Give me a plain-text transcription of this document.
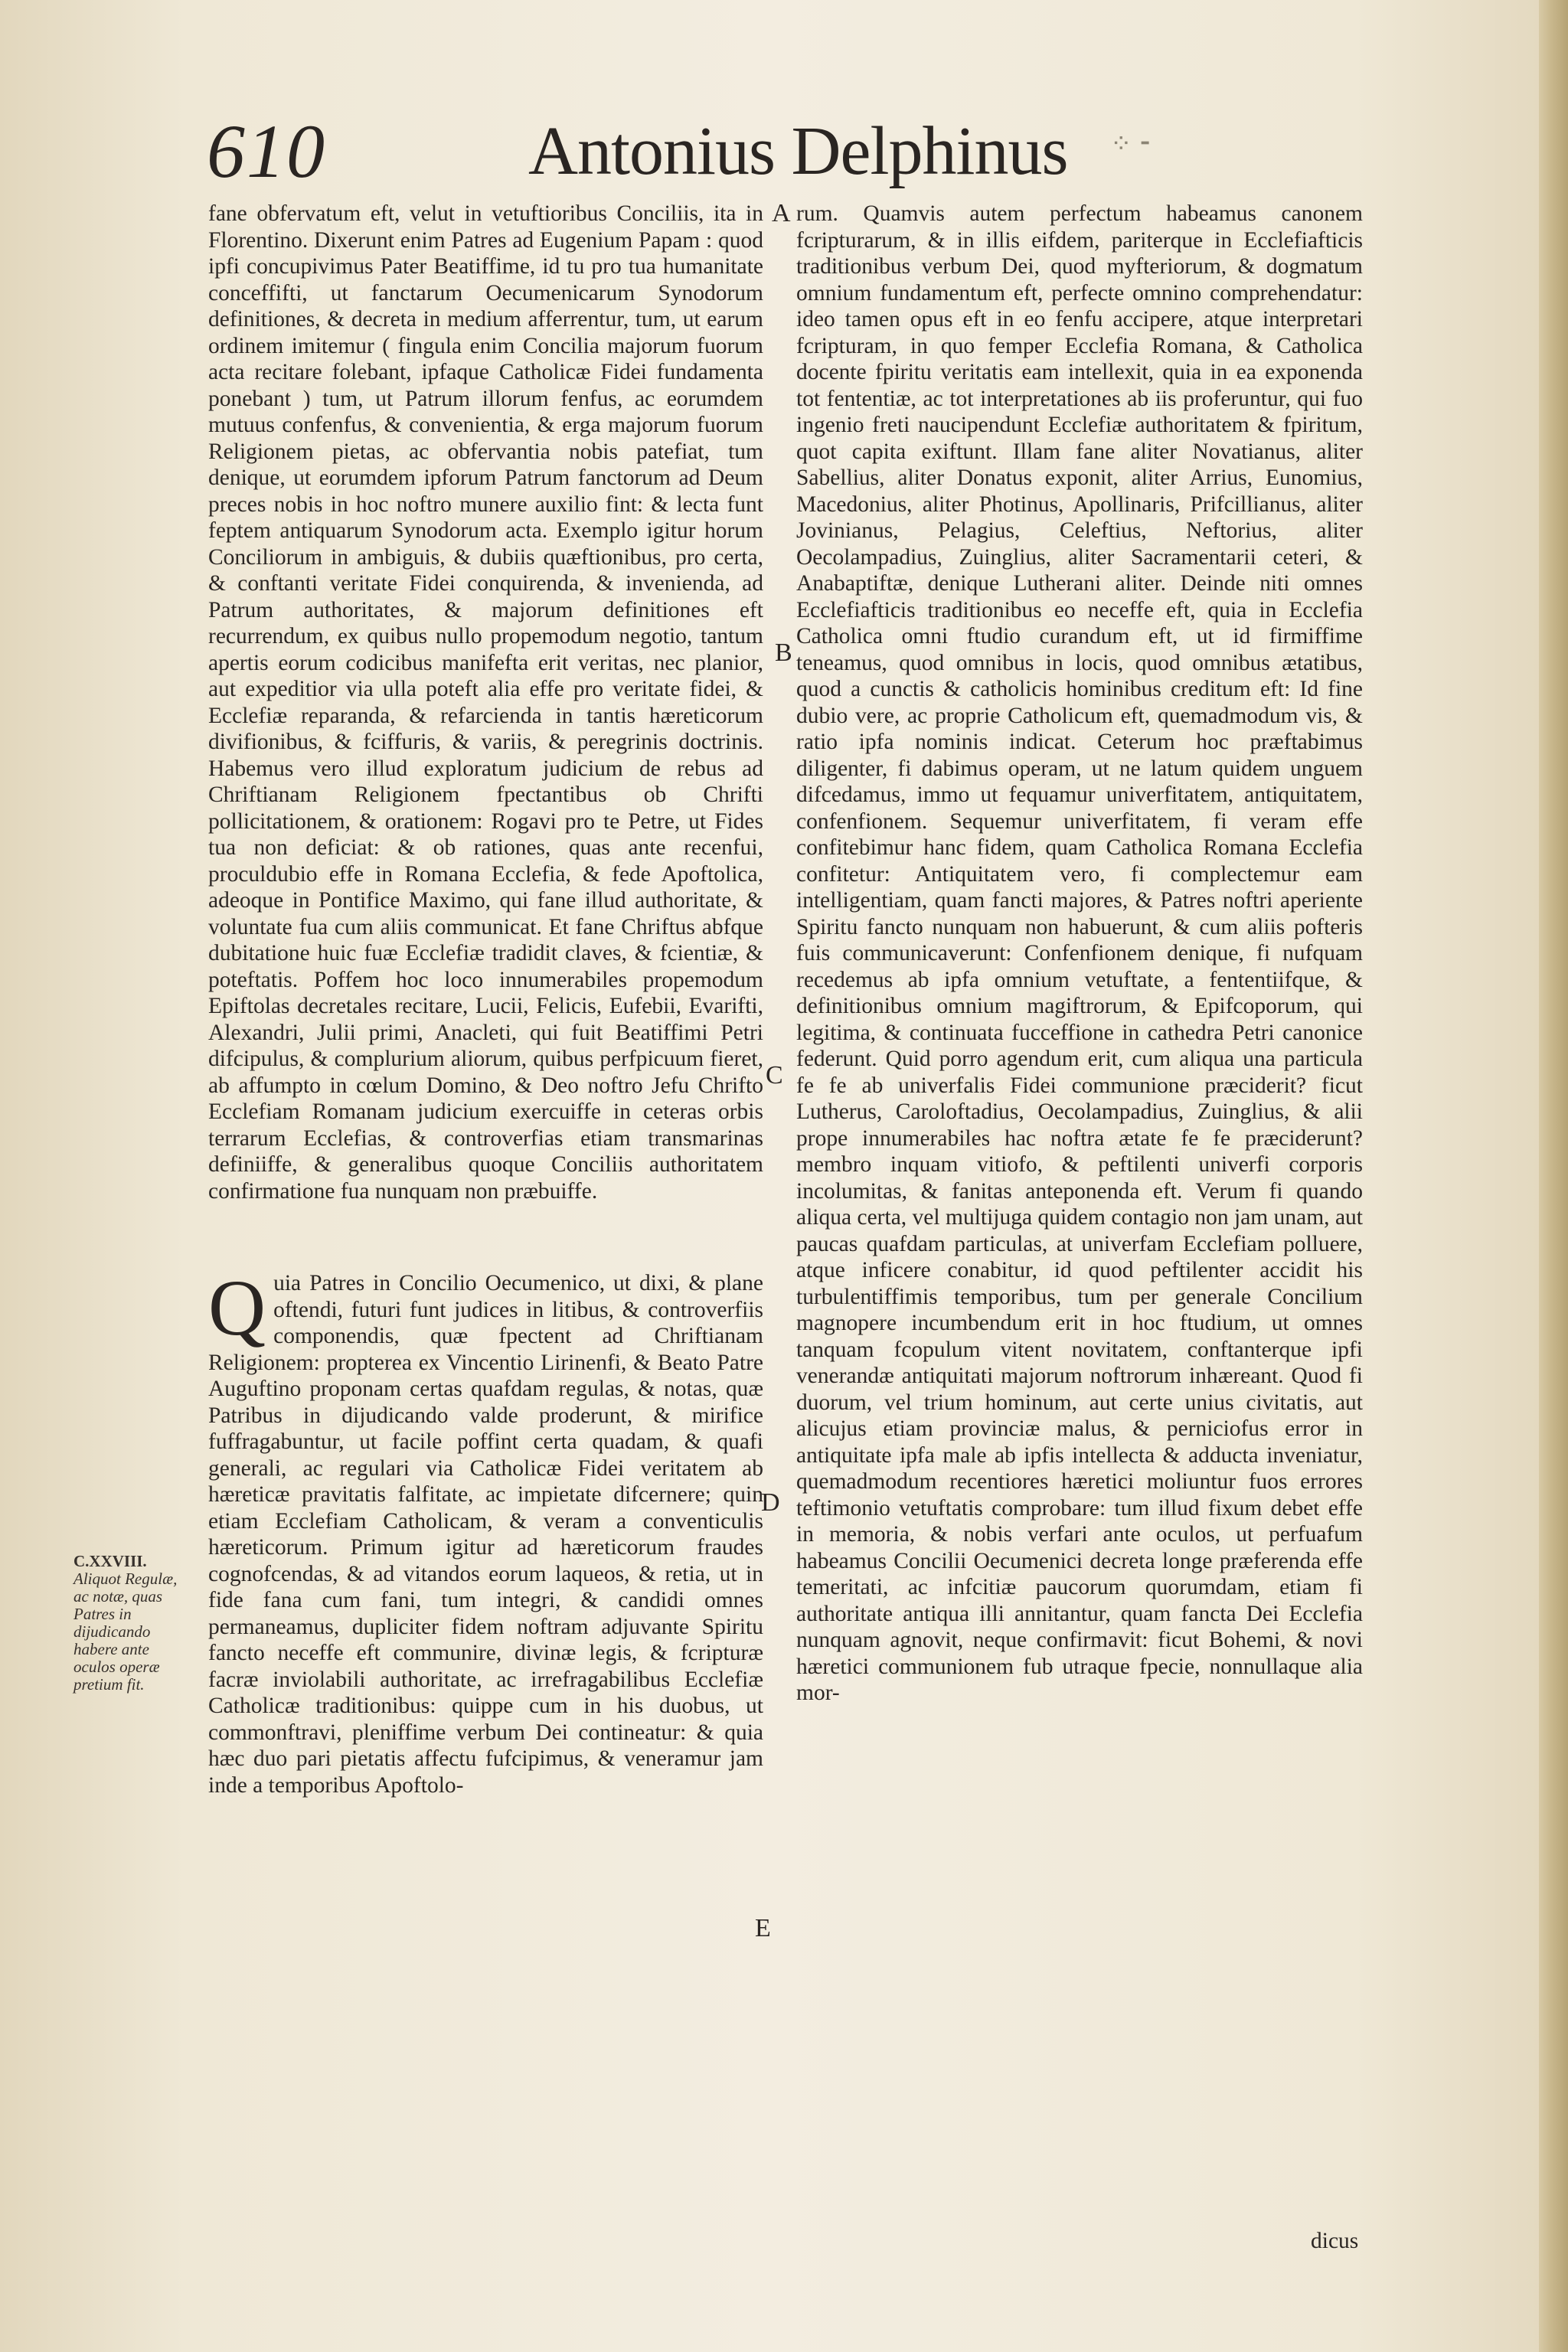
610	Antonius Delphinus ⁘ ⁃

fane obfervatum eft, velut in vetuftioribus Conciliis, ita in Florentino. Dixerunt enim Patres ad Eugenium Papam : quod ipfi concupivimus Pater Beatiffime, id tu pro tua humanitate conceffifti, ut fanctarum Oecumenicarum Synodorum definitiones, & decreta in medium afferrentur, tum, ut earum ordinem imitemur ( fingula enim Concilia majorum fuorum acta recitare folebant, ipfaque Catholicæ Fidei fundamenta ponebant ) tum, ut Patrum illorum fenfus, ac eorumdem mutuus confenfus, & convenientia, & erga majorum fuorum Religionem pietas, ac obfervantia nobis patefiat, tum denique, ut eorumdem ipforum Patrum fanctorum ad Deum preces nobis in hoc noftro munere auxilio fint: & lecta funt feptem antiquarum Synodorum acta. Exemplo igitur horum Conciliorum in ambiguis, & dubiis quæftionibus, pro certa, & conftanti veritate Fidei conquirenda, & invenienda, ad Patrum authoritates, & majorum definitiones eft recurrendum, ex quibus nullo propemodum negotio, tantum apertis eorum codicibus manifefta erit veritas, nec planior, aut expeditior via ulla poteft alia effe pro veritate fidei, & Ecclefiæ reparanda, & refarcienda in tantis hæreticorum divifionibus, & fciffuris, & variis, & peregrinis doctrinis. Habemus vero illud exploratum judicium de rebus ad Chriftianam Religionem fpectantibus ob Chrifti pollicitationem, & orationem: Rogavi pro te Petre, ut Fides tua non deficiat: & ob rationes, quas ante recenfui, proculdubio effe in Romana Ecclefia, & fede Apoftolica, adeoque in Pontifice Maximo, qui fane illud authoritate, & voluntate fua cum aliis communicat. Et fane Chriftus abfque dubitatione huic fuæ Ecclefiæ tradidit claves, & fcientiæ, & poteftatis. Poffem hoc loco innumerabiles propemodum Epiftolas decretales recitare, Lucii, Felicis, Eufebii, Evarifti, Alexandri, Julii primi, Anacleti, qui fuit Beatiffimi Petri difcipulus, & complurium aliorum, quibus perfpicuum fieret, ab affumpto in cœlum Domino, & Deo noftro Jefu Chrifto Ecclefiam Romanam judicium exercuiffe in ceteras orbis terrarum Ecclefias, & controverfias etiam transmarinas definiiffe, & generalibus quoque Conciliis authoritatem confirmatione fua nunquam non præbuiffe.

Q uia Patres in Concilio Oecumenico, ut dixi, & plane oftendi, futuri funt judices in litibus, & controverfiis componendis, quæ fpectent ad Chriftianam Religionem: propterea ex Vincentio Lirinenfi, & Beato Patre Auguftino proponam certas quafdam regulas, & notas, quæ Patribus in dijudicando valde proderunt, & mirifice fuffragabuntur, ut facile poffint certa quadam, & quafi generali, ac regulari via Catholicæ Fidei veritatem ab hæreticæ pravitatis falfitate, ac impietate difcernere; quin etiam Ecclefiam Catholicam, & veram a conventiculis hæreticorum. Primum igitur ad hæreticorum fraudes cognofcendas, & ad vitandos eorum laqueos, & retia, ut in fide fana cum fani, tum integri, & candidi omnes permaneamus, dupliciter fidem noftram adjuvante Spiritu fancto neceffe eft communire, divinæ legis, & fcripturæ facræ inviolabili authoritate, ac irrefragabilibus Ecclefiæ Catholicæ traditionibus: quippe cum in his duobus, ut commonftravi, pleniffime verbum Dei contineatur: & quia hæc duo pari pietatis affectu fufcipimus, & veneramur jam inde a temporibus Apoftolo-

rum. Quamvis autem perfectum habeamus canonem fcripturarum, & in illis eifdem, pariterque in Ecclefiafticis traditionibus verbum Dei, quod myfteriorum, & dogmatum omnium fundamentum eft, perfecte omnino comprehendatur: ideo tamen opus eft in eo fenfu accipere, atque interpretari fcripturam, in quo femper Ecclefia Romana, & Catholica docente fpiritu veritatis eam intellexit, quia in ea exponenda tot fententiæ, ac tot interpretationes ab iis proferuntur, qui fuo ingenio freti naucipendunt Ecclefiæ authoritatem & fpiritum, quot capita exiftunt. Illam fane aliter Novatianus, aliter Sabellius, aliter Donatus exponit, aliter Arrius, Eunomius, Macedonius, aliter Photinus, Apollinaris, Prifcillianus, aliter Jovinianus, Pelagius, Celeftius, Neftorius, aliter Oecolampadius, Zuinglius, aliter Sacramentarii ceteri, & Anabaptiftæ, denique Lutherani aliter. Deinde niti omnes Ecclefiafticis traditionibus eo neceffe eft, quia in Ecclefia Catholica omni ftudio curandum eft, ut id firmiffime teneamus, quod omnibus in locis, quod omnibus ætatibus, quod a cunctis & catholicis hominibus creditum eft: Id fine dubio vere, ac proprie Catholicum eft, quemadmodum vis, & ratio ipfa nominis indicat. Ceterum hoc præftabimus diligenter, fi dabimus operam, ut ne latum quidem unguem difcedamus, immo ut fequamur univerfitatem, antiquitatem, confenfionem. Sequemur univerfitatem, fi veram effe confitebimur hanc fidem, quam Catholica Romana Ecclefia confitetur: Antiquitatem vero, fi complectemur eam intelligentiam, quam fancti majores, & Patres noftri aperiente Spiritu fancto nunquam non habuerunt, & cum aliis pofteris fuis communicaverunt: Confenfionem denique, fi nufquam recedemus ab ipfa omnium vetuftate, a fententiifque, & definitionibus omnium magiftrorum, & Epifcoporum, qui legitima, & continuata fucceffione in cathedra Petri canonice federunt. Quid porro agendum erit, cum aliqua una particula fe fe ab univerfalis Fidei communione præciderit? ficut Lutherus, Caroloftadius, Oecolampadius, Zuinglius, & alii prope innumerabiles hac noftra ætate fe fe præciderunt? membro inquam vitiofo, & peftilenti univerfi corporis incolumitas, & fanitas anteponenda eft. Verum fi quando aliqua certa, vel multijuga quidem contagio non jam unam, aut paucas quafdam particulas, at univerfam Ecclefiam polluere, atque inficere conabitur, id quod peftilenter accidit his turbulentiffimis temporibus, tum per generale Concilium magnopere incumbendum erit in hoc ftudium, ut omnes tanquam fcopulum vitent novitatem, conftanterque ipfi venerandæ antiquitati majorum noftrorum inhæreant. Quod fi duorum, vel trium hominum, aut certe unius civitatis, aut alicujus etiam provinciæ malus, & perniciofus error in antiquitate ipfa male ab ipfis intellecta & adducta inveniatur, quemadmodum recentiores hæretici moliuntur fuos errores teftimonio vetuftatis comprobare: tum illud fixum debet effe in memoria, & nobis verfari ante oculos, ut perfuafum habeamus Concilii Oecumenici decreta longe præferenda effe temeritati, ac infcitiæ paucorum quorumdam, etiam fi authoritate antiqua illi annitantur, quam fancta Dei Ecclefia nunquam agnovit, neque confirmavit: ficut Bohemi, & novi hæretici communionem fub utraque fpecie, nonnullaque alia mor-

A
B
C
D
E
C.XXVIII.
Aliquot Regulæ, ac notæ, quas Patres in dijudicando habere ante oculos operæ pretium fit.
dicus
